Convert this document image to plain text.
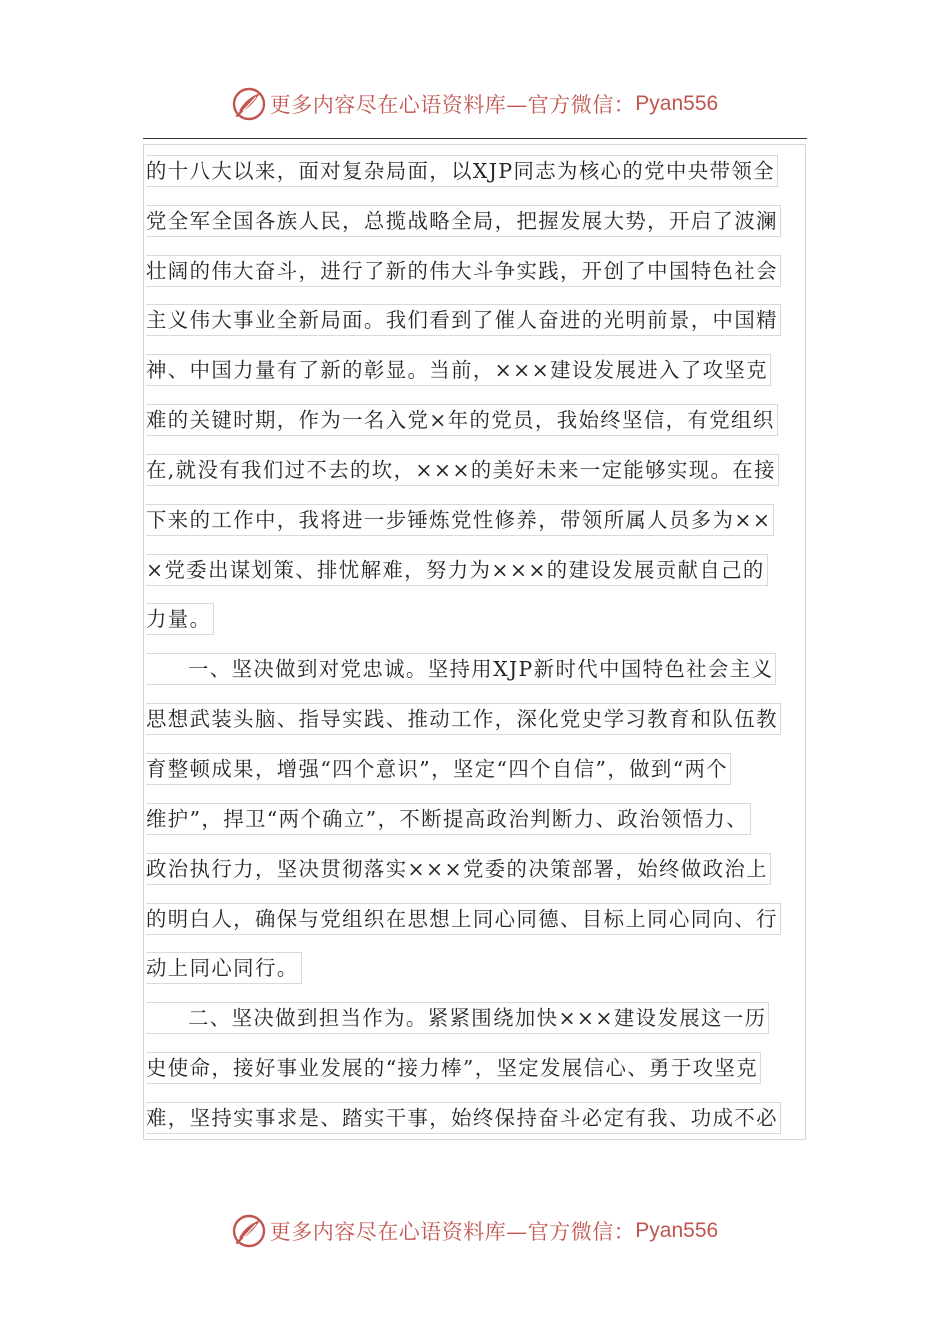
更多内容尽在心语资料库—官方微信： Pyan556
的十八大以来，面对复杂局面，以XJP同志为核心的党中央带领全
党全军全国各族人民，总揽战略全局，把握发展大势，开启了波澜
壮阔的伟大奋斗，进行了新的伟大斗争实践，开创了中国特色社会
主义伟大事业全新局面。我们看到了催人奋进的光明前景，中国精
神、中国力量有了新的彰显。当前，×××建设发展进入了攻坚克
难的关键时期，作为一名入党×年的党员，我始终坚信，有党组织
在,就没有我们过不去的坎，×××的美好未来一定能够实现。在接
下来的工作中，我将进一步锤炼党性修养，带领所属人员多为××
×党委出谋划策、排忧解难，努力为×××的建设发展贡献自己的
力量。
一、坚决做到对党忠诚。坚持用XJP新时代中国特色社会主义
思想武装头脑、指导实践、推动工作，深化党史学习教育和队伍教
育整顿成果，增强“四个意识”，坚定“四个自信”，做到“两个
维护”，捍卫“两个确立”，不断提高政治判断力、政治领悟力、
政治执行力，坚决贯彻落实×××党委的决策部署，始终做政治上
的明白人，确保与党组织在思想上同心同德、目标上同心同向、行
动上同心同行。
二、坚决做到担当作为。紧紧围绕加快×××建设发展这一历
史使命，接好事业发展的“接力棒”，坚定发展信心、勇于攻坚克
难，坚持实事求是、踏实干事，始终保持奋斗必定有我、功成不必
更多内容尽在心语资料库—官方微信： Pyan556
